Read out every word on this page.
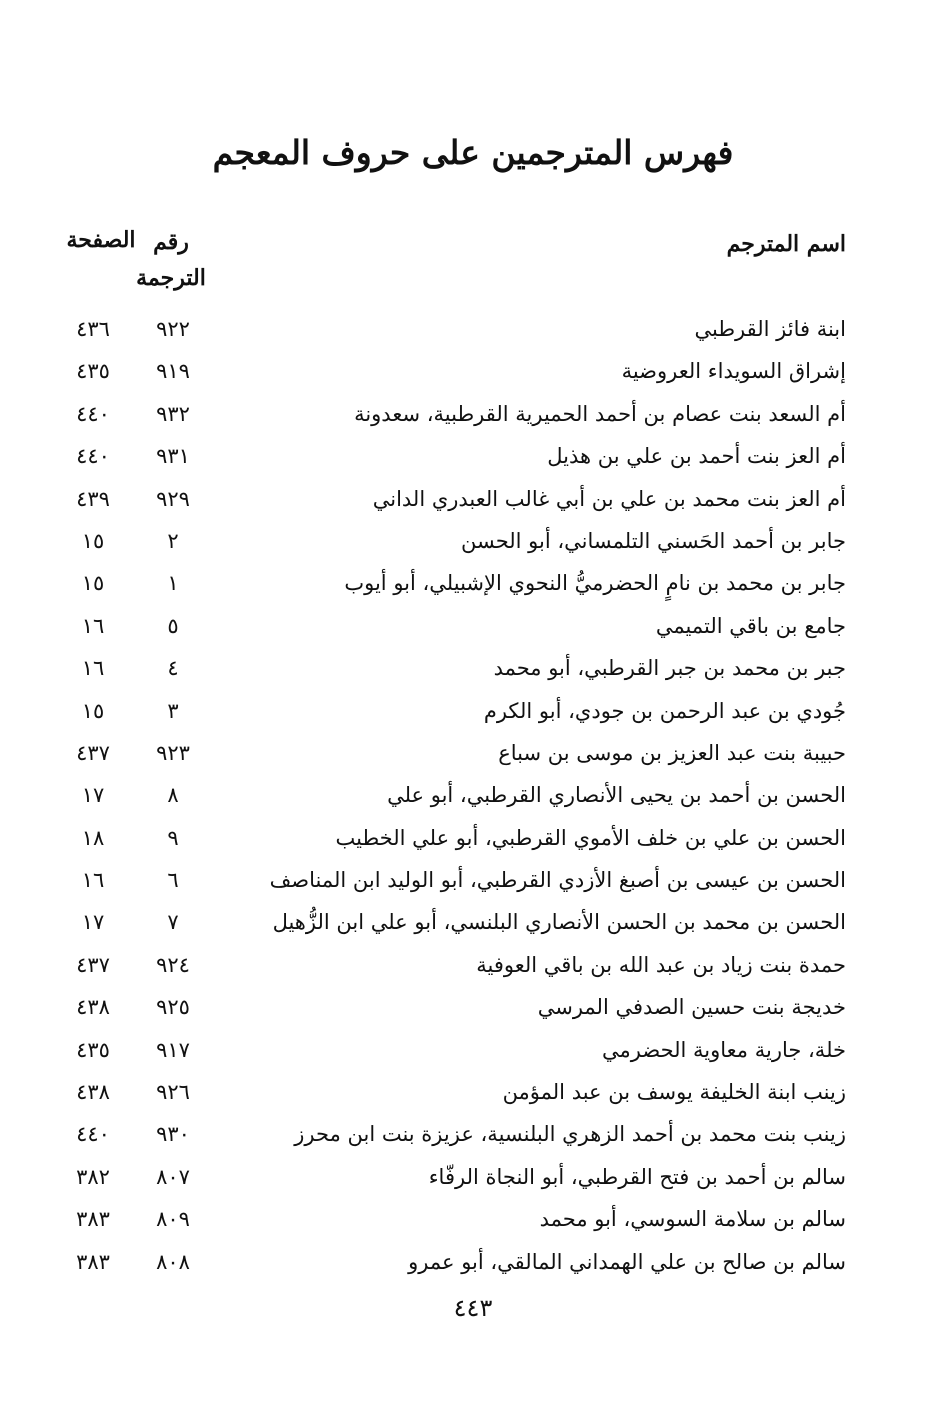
فهرس المترجمين على حروف المعجم
اسم المترجم
رقم
الترجمة
الصفحة
ابنة فائز القرطبي
٩٢٢
٤٣٦
إشراق السويداء العروضية
٩١٩
٤٣٥
أم السعد بنت عصام بن أحمد الحميرية القرطبية، سعدونة
٩٣٢
٤٤٠
أم العز بنت أحمد بن علي بن هذيل
٩٣١
٤٤٠
أم العز بنت محمد بن علي بن أبي غالب العبدري الداني
٩٢٩
٤٣٩
جابر بن أحمد الحَسني التلمساني، أبو الحسن
٢
١٥
جابر بن محمد بن نامٍ الحضرميُّ النحوي الإشبيلي، أبو أيوب
١
١٥
جامع بن باقي التميمي
٥
١٦
جبر بن محمد بن جبر القرطبي، أبو محمد
٤
١٦
جُودي بن عبد الرحمن بن جودي، أبو الكرم
٣
١٥
حبيبة بنت عبد العزيز بن موسى بن سباع
٩٢٣
٤٣٧
الحسن بن أحمد بن يحيى الأنصاري القرطبي، أبو علي
٨
١٧
الحسن بن علي بن خلف الأموي القرطبي، أبو علي الخطيب
٩
١٨
الحسن بن عيسى بن أصبغ الأزدي القرطبي، أبو الوليد ابن المناصف
٦
١٦
الحسن بن محمد بن الحسن الأنصاري البلنسي، أبو علي ابن الزُّهيل
٧
١٧
حمدة بنت زياد بن عبد الله بن باقي العوفية
٩٢٤
٤٣٧
خديجة بنت حسين الصدفي المرسي
٩٢٥
٤٣٨
خلة، جارية معاوية الحضرمي
٩١٧
٤٣٥
زينب ابنة الخليفة يوسف بن عبد المؤمن
٩٢٦
٤٣٨
زينب بنت محمد بن أحمد الزهري البلنسية، عزيزة بنت ابن محرز
٩٣٠
٤٤٠
سالم بن أحمد بن فتح القرطبي، أبو النجاة الرفّاء
٨٠٧
٣٨٢
سالم بن سلامة السوسي، أبو محمد
٨٠٩
٣٨٣
سالم بن صالح بن علي الهمداني المالقي، أبو عمرو
٨٠٨
٣٨٣
٤٤٣
